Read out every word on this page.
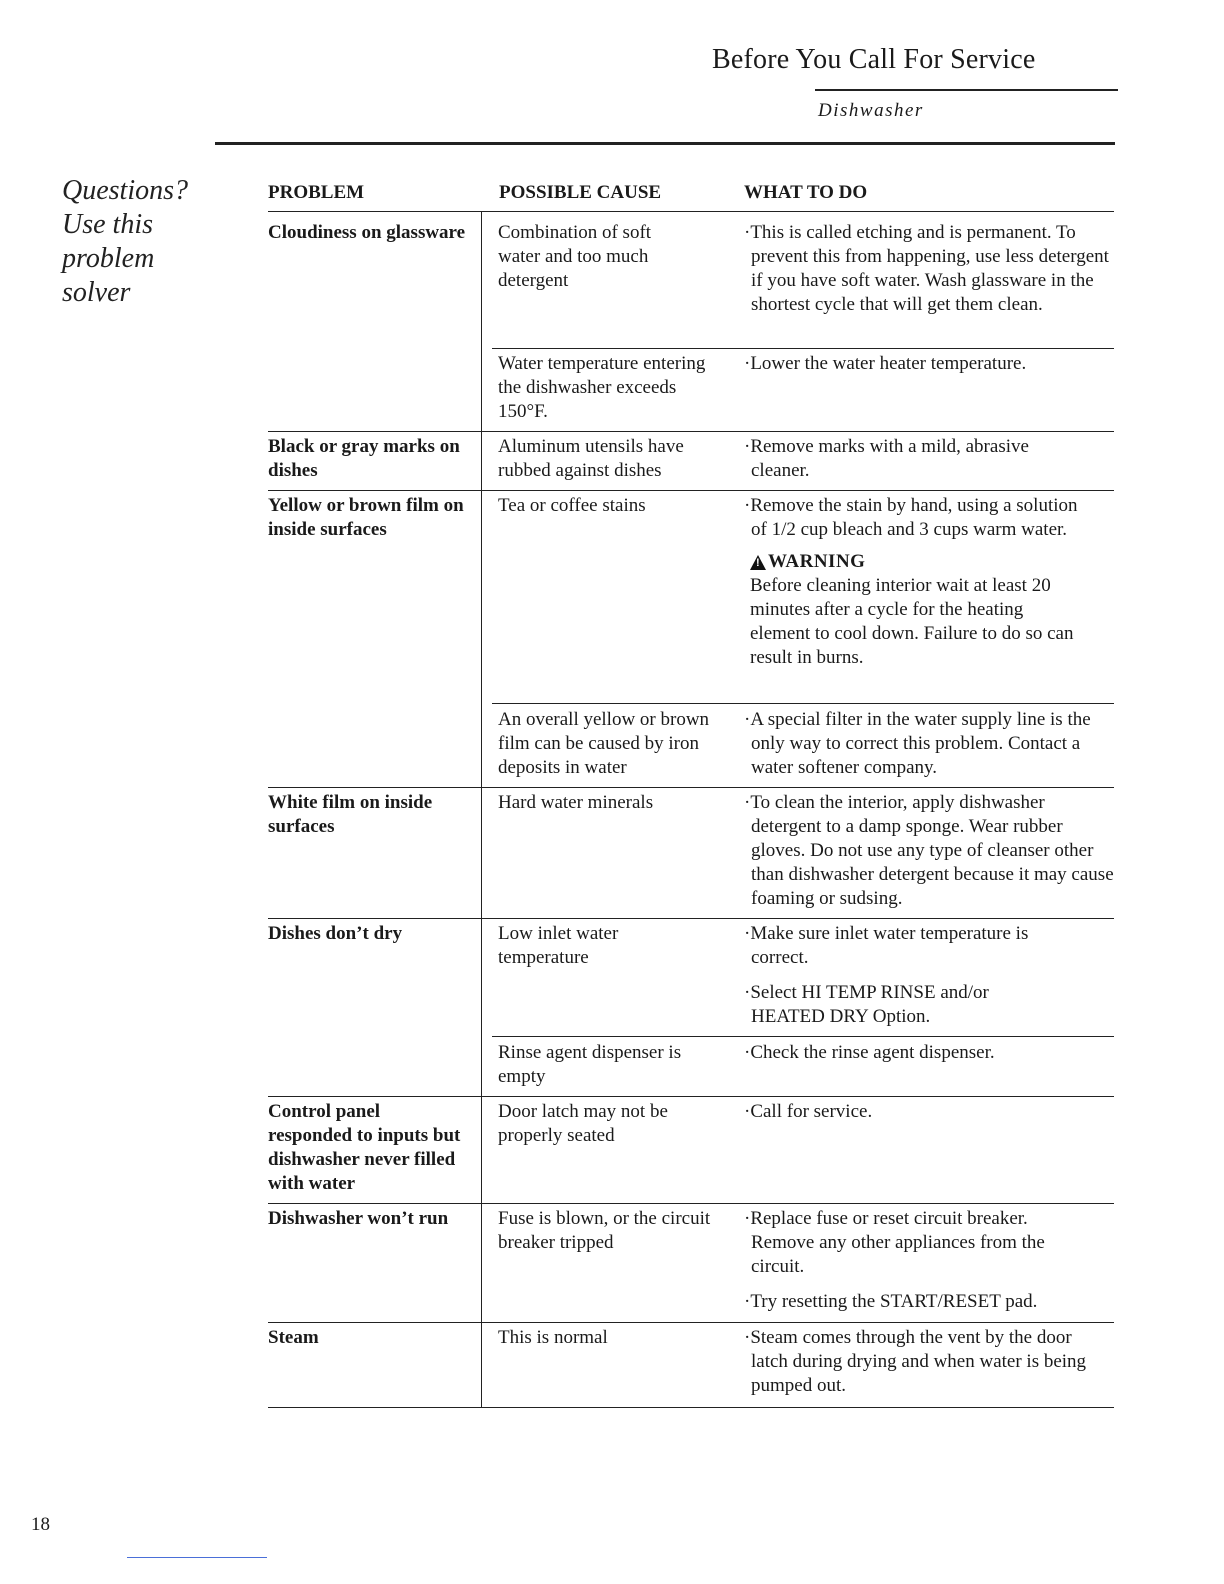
Before You Call For Service
Dishwasher
Questions?
Use this
problem
solver
PROBLEM	POSSIBLE CAUSE	WHAT TO DO
Cloudiness on glassware
Black or gray marks on dishes
Yellow or brown film on inside surfaces
White film on inside surfaces
Dishes don’t dry
Control panel responded to inputs but dishwasher never filled with water
Dishwasher won’t run
Steam
Combination of soft water and too much detergent
Water temperature entering the dishwasher exceeds 150°F.
Aluminum utensils have rubbed against dishes
Tea or coffee stains
An overall yellow or brown film can be caused by iron deposits in water
Hard water minerals
Low inlet water temperature
Rinse agent dispenser is empty
Door latch may not be properly seated
Fuse is blown, or the circuit breaker tripped
This is normal
·This is called etching and is permanent. To prevent this from happening, use less detergent if you have soft water. Wash glassware in the shortest cycle that will get them clean.
·Lower the water heater temperature.
·Remove marks with a mild, abrasive cleaner.
·Remove the stain by hand, using a solution of 1/2 cup bleach and 3 cups warm water.
!
WARNING
Before cleaning interior wait at least 20 minutes after a cycle for the heating element to cool down. Failure to do so can result in burns.
·A special filter in the water supply line is the only way to correct this problem. Contact a water softener company.
·To clean the interior, apply dishwasher detergent to a damp sponge. Wear rubber gloves. Do not use any type of cleanser other than dishwasher detergent because it may cause foaming or sudsing.
·Make sure inlet water temperature is correct.
·Select HI TEMP RINSE and/or HEATED DRY Option.
·Check the rinse agent dispenser.
·Call for service.
·Replace fuse or reset circuit breaker. Remove any other appliances from the circuit.
·Try resetting the START/RESET pad.
·Steam comes through the vent by the door latch during drying and when water is being pumped out.
18
